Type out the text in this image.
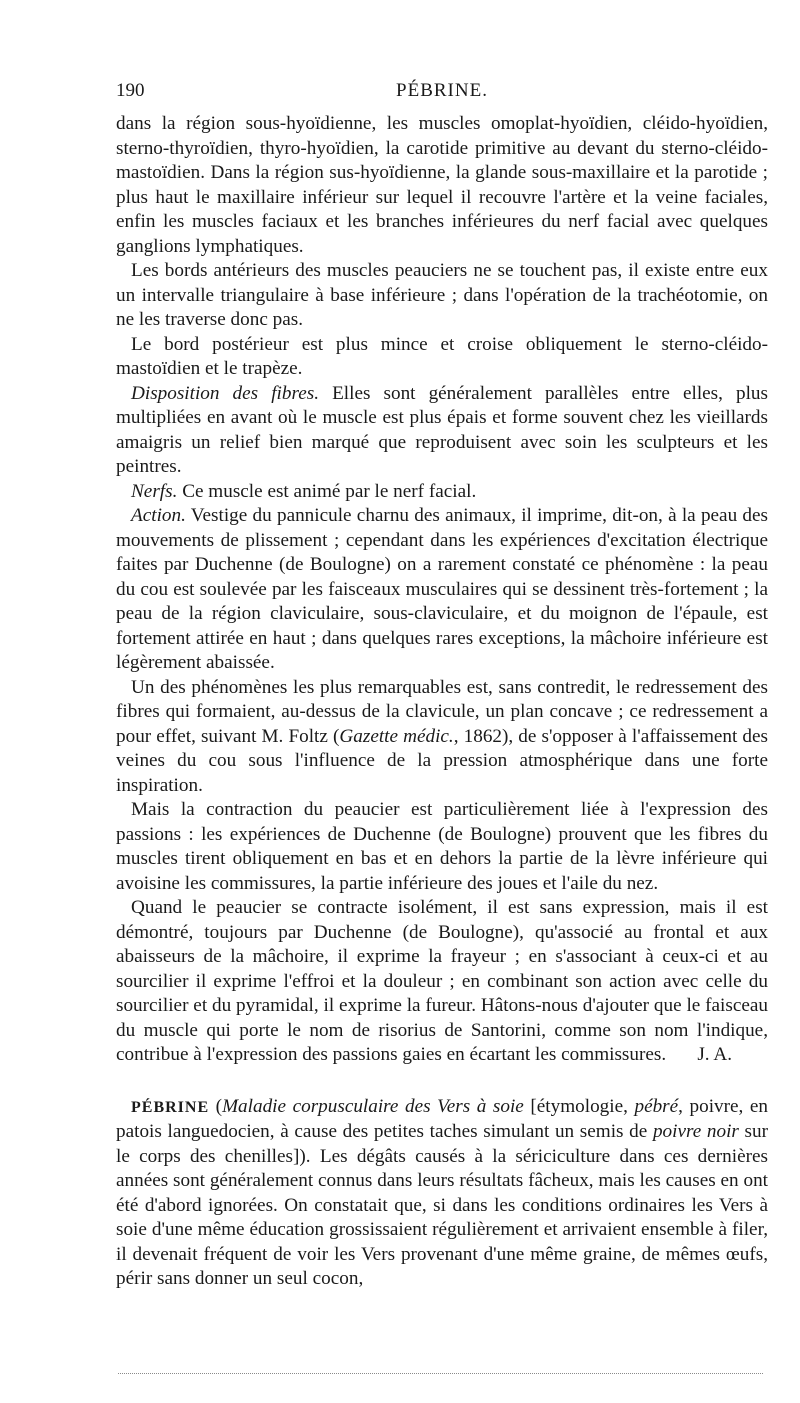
190	PÉBRINE.

dans la région sous-hyoïdienne, les muscles omoplat-hyoïdien, cléido-hyoïdien, sterno-thyroïdien, thyro-hyoïdien, la carotide primitive au devant du sterno-cléido-mastoïdien. Dans la région sus-hyoïdienne, la glande sous-maxillaire et la parotide ; plus haut le maxillaire inférieur sur lequel il recouvre l'artère et la veine faciales, enfin les muscles faciaux et les branches inférieures du nerf facial avec quelques ganglions lymphatiques.

Les bords antérieurs des muscles peauciers ne se touchent pas, il existe entre eux un intervalle triangulaire à base inférieure ; dans l'opération de la trachéotomie, on ne les traverse donc pas.

Le bord postérieur est plus mince et croise obliquement le sterno-cléido-mastoïdien et le trapèze.

Disposition des fibres. Elles sont généralement parallèles entre elles, plus multipliées en avant où le muscle est plus épais et forme souvent chez les vieillards amaigris un relief bien marqué que reproduisent avec soin les sculpteurs et les peintres.

Nerfs. Ce muscle est animé par le nerf facial.

Action. Vestige du pannicule charnu des animaux, il imprime, dit-on, à la peau des mouvements de plissement ; cependant dans les expériences d'excitation électrique faites par Duchenne (de Boulogne) on a rarement constaté ce phénomène : la peau du cou est soulevée par les faisceaux musculaires qui se dessinent très-fortement ; la peau de la région claviculaire, sous-claviculaire, et du moignon de l'épaule, est fortement attirée en haut ; dans quelques rares exceptions, la mâchoire inférieure est légèrement abaissée.

Un des phénomènes les plus remarquables est, sans contredit, le redressement des fibres qui formaient, au-dessus de la clavicule, un plan concave ; ce redressement a pour effet, suivant M. Foltz (Gazette médic., 1862), de s'opposer à l'affaissement des veines du cou sous l'influence de la pression atmosphérique dans une forte inspiration.

Mais la contraction du peaucier est particulièrement liée à l'expression des passions : les expériences de Duchenne (de Boulogne) prouvent que les fibres du muscles tirent obliquement en bas et en dehors la partie de la lèvre inférieure qui avoisine les commissures, la partie inférieure des joues et l'aile du nez.

Quand le peaucier se contracte isolément, il est sans expression, mais il est démontré, toujours par Duchenne (de Boulogne), qu'associé au frontal et aux abaisseurs de la mâchoire, il exprime la frayeur ; en s'associant à ceux-ci et au sourcilier il exprime l'effroi et la douleur ; en combinant son action avec celle du sourcilier et du pyramidal, il exprime la fureur. Hâtons-nous d'ajouter que le faisceau du muscle qui porte le nom de risorius de Santorini, comme son nom l'indique, contribue à l'expression des passions gaies en écartant les commissures.	J. A.

PÉBRINE (Maladie corpusculaire des Vers à soie [étymologie, pébré, poivre, en patois languedocien, à cause des petites taches simulant un semis de poivre noir sur le corps des chenilles]). Les dégâts causés à la sériciculture dans ces dernières années sont généralement connus dans leurs résultats fâcheux, mais les causes en ont été d'abord ignorées. On constatait que, si dans les conditions ordinaires les Vers à soie d'une même éducation grossissaient régulièrement et arrivaient ensemble à filer, il devenait fréquent de voir les Vers provenant d'une même graine, de mêmes œufs, périr sans donner un seul cocon,
